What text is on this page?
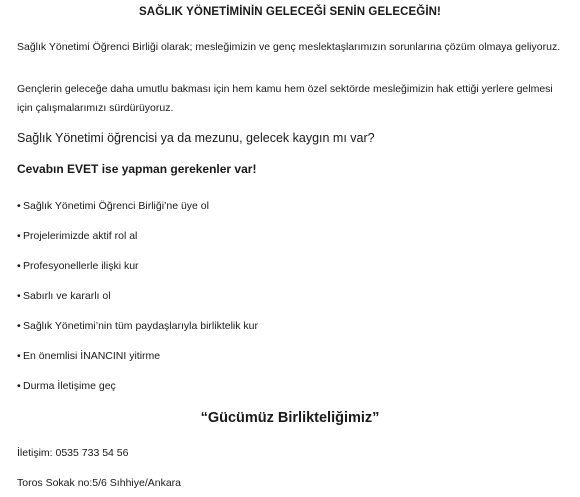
SAĞLIK YÖNETİMİNİN GELECEĞİ SENİN GELECEĞİN!

Sağlık Yönetimi Öğrenci Birliği olarak; mesleğimizin ve genç meslektaşlarımızın sorunlarına çözüm olmaya geliyoruz.

Gençlerin geleceğe daha umutlu bakması için hem kamu hem özel sektörde mesleğimizin hak ettiği yerlere gelmesi için çalışmalarımızı sürdürüyoruz.

Sağlık Yönetimi öğrencisi ya da mezunu, gelecek kaygın mı var?

Cevabın EVET ise yapman gerekenler var!

• Sağlık Yönetimi Öğrenci Birliği’ne üye ol
• Projelerimizde aktif rol al
• Profesyonellerle ilişki kur
• Sabırlı ve kararlı ol
• Sağlık Yönetimi’nin tüm paydaşlarıyla birliktelik kur
• En önemlisi İNANCINI yitirme
• Durma İletişime geç

“Gücümüz Birlikteliğimiz”

İletişim: 0535 733 54 56

Toros Sokak no:5/6 Sıhhiye/Ankara
